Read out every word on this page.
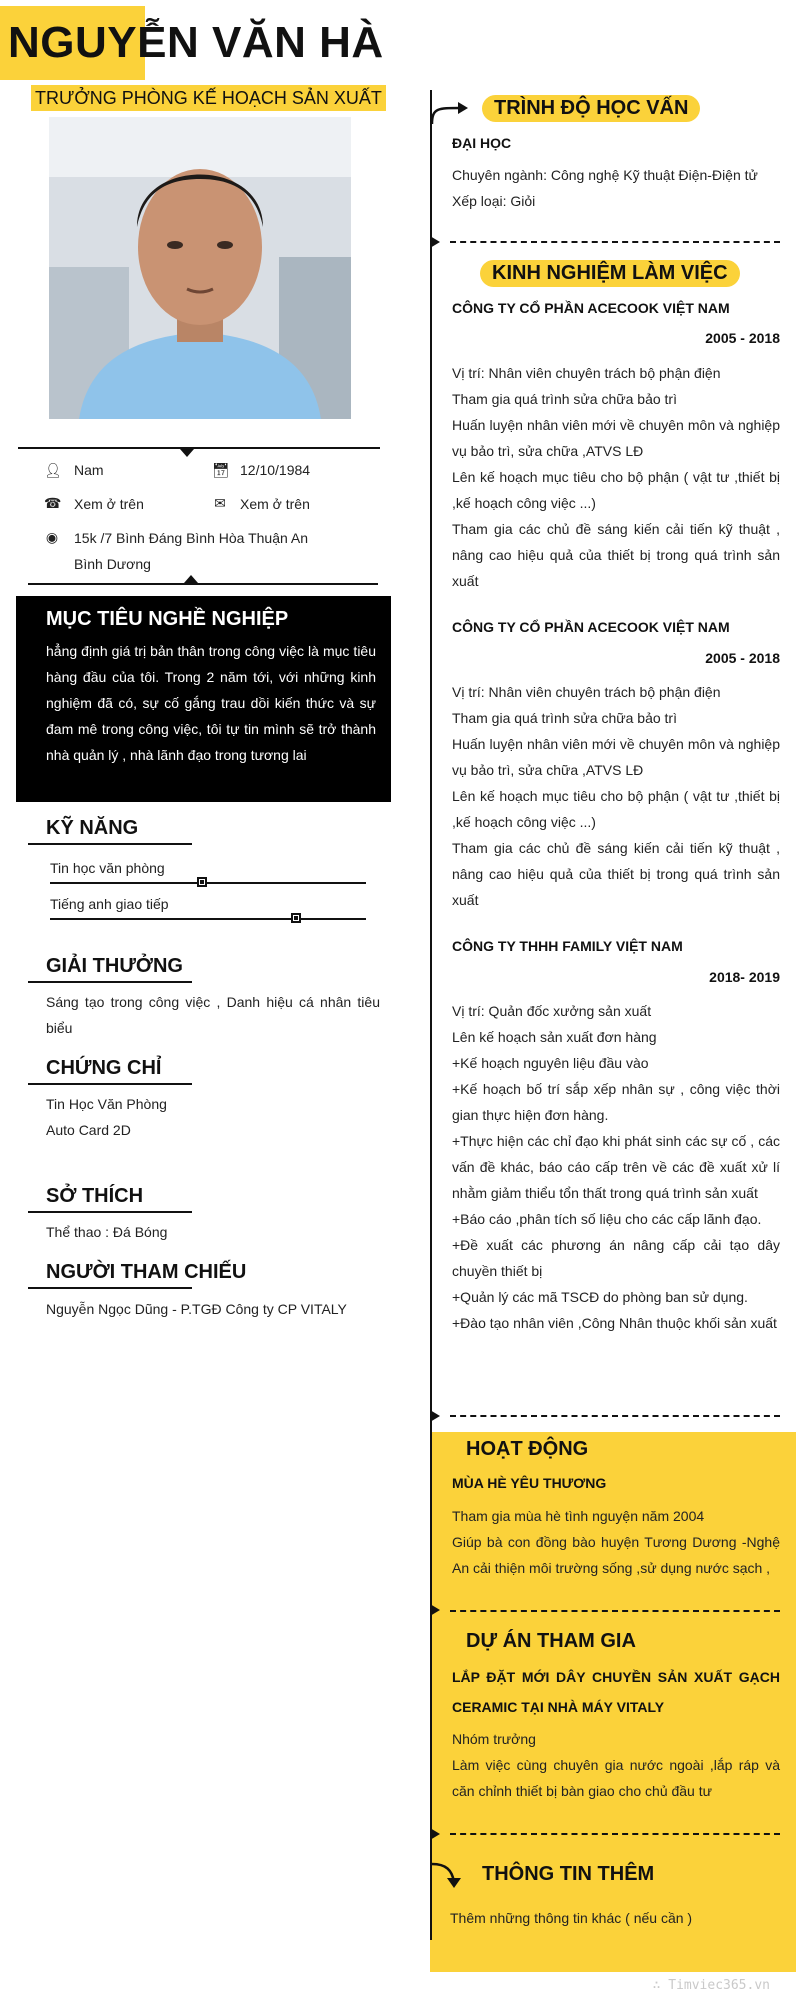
NGUYỄN VĂN HÀ
TRƯỞNG PHÒNG KẾ HOẠCH SẢN XUẤT
👤︎ Nam	📅︎ 12/10/1984
☎ Xem ở trên	✉ Xem ở trên
◉ 15k /7 Bình Đáng Bình Hòa Thuận An Bình Dương
MỤC TIÊU NGHỀ NGHIỆP
hẳng định giá trị bản thân trong công việc là mục tiêu hàng đầu của tôi. Trong 2 năm tới, với những kinh nghiệm đã có, sự cố gắng trau dồi kiến thức và sự đam mê trong công việc, tôi tự tin mình sẽ trở thành nhà quản lý , nhà lãnh đạo trong tương lai
KỸ NĂNG
Tin học văn phòng
Tiếng anh giao tiếp
GIẢI THƯỞNG
Sáng tạo trong công việc , Danh hiệu cá nhân tiêu biểu
CHỨNG CHỈ
Tin Học Văn Phòng
Auto Card 2D
SỞ THÍCH
Thể thao : Đá Bóng
NGƯỜI THAM CHIẾU
Nguyễn Ngọc Dũng - P.TGĐ Công ty CP VITALY
TRÌNH ĐỘ HỌC VẤN
ĐẠI HỌC
Chuyên ngành: Công nghệ Kỹ thuật Điện-Điện tử
Xếp loại: Giỏi
KINH NGHIỆM LÀM VIỆC
CÔNG TY CỔ PHẦN ACECOOK VIỆT NAM
2005 - 2018
Vị trí: Nhân viên chuyên trách bộ phận điện
Tham gia quá trình sửa chữa bảo trì
Huấn luyện nhân viên mới về chuyên môn và nghiệp vụ bảo trì, sửa chữa ,ATVS LĐ
Lên kế hoạch mục tiêu cho bộ phận ( vật tư ,thiết bị ,kế hoạch công việc ...)
Tham gia các chủ đề sáng kiến cải tiến kỹ thuật , nâng cao hiệu quả của thiết bị trong quá trình sản xuất
CÔNG TY CỔ PHẦN ACECOOK VIỆT NAM
2005 - 2018
Vị trí: Nhân viên chuyên trách bộ phận điện
Tham gia quá trình sửa chữa bảo trì
Huấn luyện nhân viên mới về chuyên môn và nghiệp vụ bảo trì, sửa chữa ,ATVS LĐ
Lên kế hoạch mục tiêu cho bộ phận ( vật tư ,thiết bị ,kế hoạch công việc ...)
Tham gia các chủ đề sáng kiến cải tiến kỹ thuật , nâng cao hiệu quả của thiết bị trong quá trình sản xuất
CÔNG TY THHH FAMILY VIỆT NAM
2018- 2019
Vị trí: Quản đốc xưởng sản xuất
Lên kế hoạch sản xuất đơn hàng
+Kế hoạch nguyên liệu đầu vào
+Kế hoạch bố trí sắp xếp nhân sự , công việc thời gian thực hiện đơn hàng.
+Thực hiện các chỉ đạo khi phát sinh các sự cố , các vấn đề khác, báo cáo cấp trên về các đề xuất xử lí nhằm giảm thiểu tổn thất trong quá trình sản xuất
+Báo cáo ,phân tích số liệu cho các cấp lãnh đạo.
+Đề xuất các phương án nâng cấp cải tạo dây chuyền thiết bị
+Quản lý các mã TSCĐ do phòng ban sử dụng.
+Đào tạo nhân viên ,Công Nhân thuộc khối sản xuất
HOẠT ĐỘNG
MÙA HÈ YÊU THƯƠNG
Tham gia mùa hè tình nguyện năm 2004
Giúp bà con đồng bào huyện Tương Dương -Nghệ An cải thiện môi trường sống ,sử dụng nước sạch ,
DỰ ÁN THAM GIA
LẮP ĐẶT MỚI DÂY CHUYỀN SẢN XUẤT GẠCH CERAMIC TẠI NHÀ MÁY VITALY
Nhóm trưởng
Làm việc cùng chuyên gia nước ngoài ,lắp ráp và căn chỉnh thiết bị bàn giao cho chủ đầu tư
THÔNG TIN THÊM
Thêm những thông tin khác ( nếu cần )
∴ Timviec365.vn
